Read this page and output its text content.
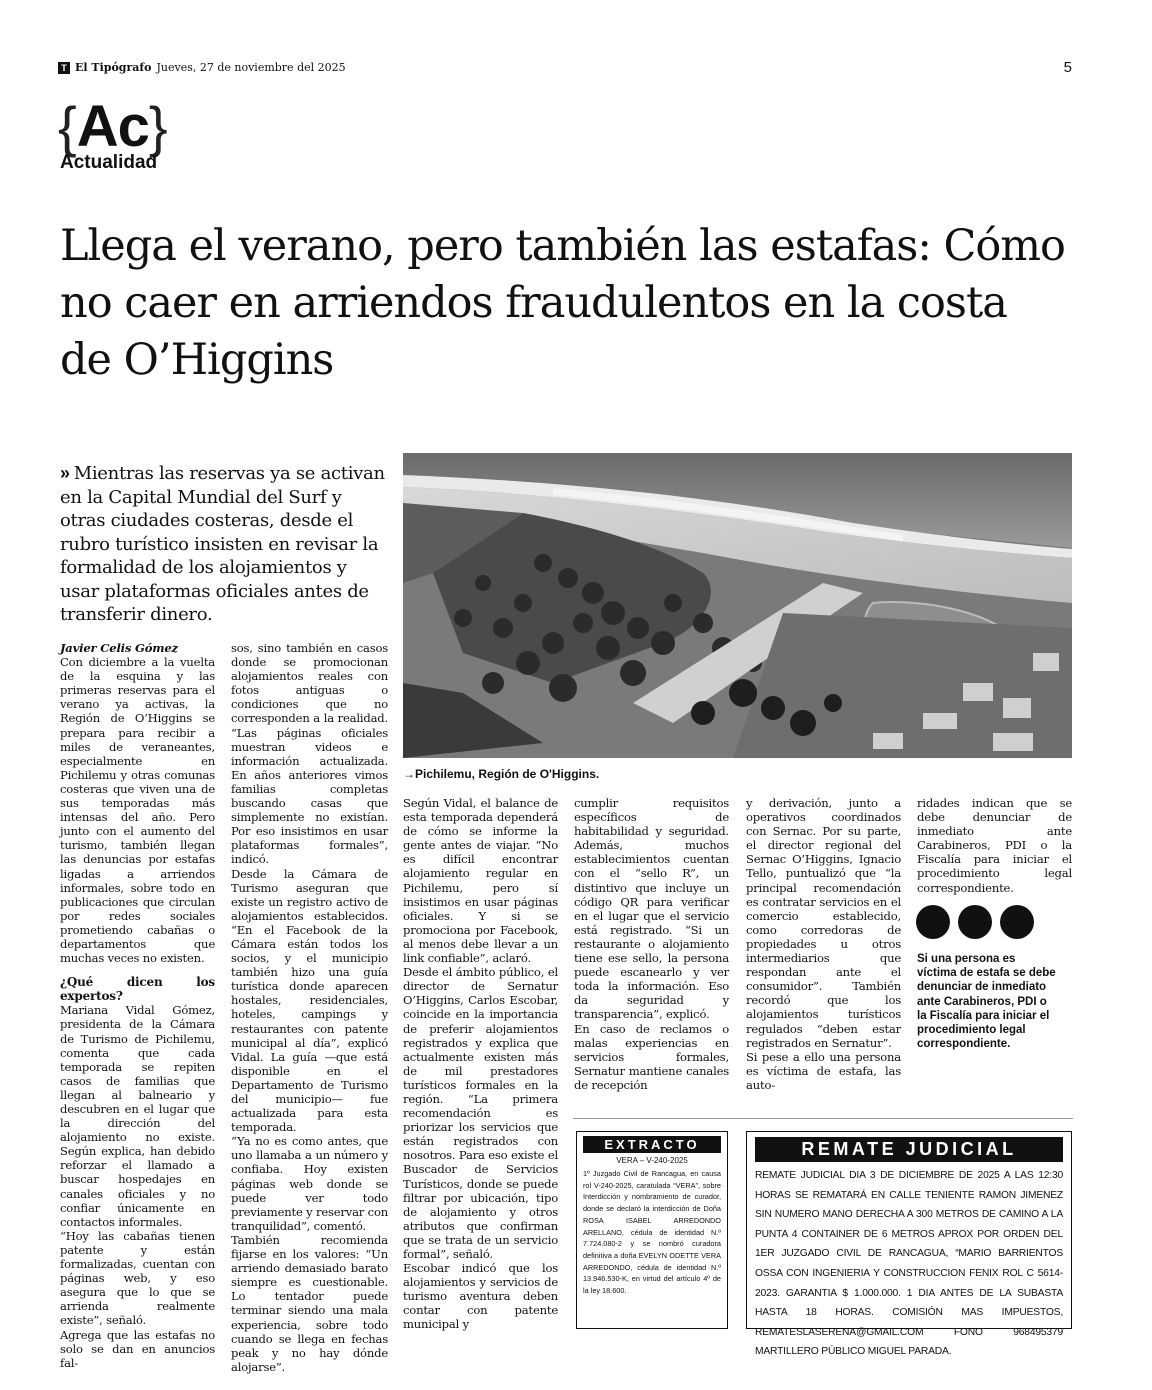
T El Tipógrafo Jueves, 27 de noviembre del 2025	5
{ Ac }
Actualidad
Llega el verano, pero también las estafas: Cómo no caer en arriendos fraudulentos en la costa de O’Higgins
» Mientras las reservas ya se activan en la Capital Mundial del Surf y otras ciudades costeras, desde el rubro turístico insisten en revisar la formalidad de los alojamientos y usar plataformas oficiales antes de transferir dinero.
→Pichilemu, Región de O'Higgins.

Javier Celis Gómez

Con diciembre a la vuelta de la esquina y las primeras reservas para el verano ya activas, la Región de O’Higgins se prepara para recibir a miles de veraneantes, especialmente en Pichilemu y otras comunas costeras que viven una de sus temporadas más intensas del año. Pero junto con el aumento del turismo, también llegan las denuncias por estafas ligadas a arriendos informales, sobre todo en publicaciones que circulan por redes sociales prometiendo cabañas o departamentos que muchas veces no existen.

¿Qué dicen los expertos?

Mariana Vidal Gómez, presidenta de la Cámara de Turismo de Pichilemu, comenta que cada temporada se repiten casos de familias que llegan al balneario y descubren en el lugar que la dirección del alojamiento no existe. Según explica, han debido reforzar el llamado a buscar hospedajes en canales oficiales y no confiar únicamente en contactos informales.

“Hoy las cabañas tienen patente y están formalizadas, cuentan con páginas web, y eso asegura que lo que se arrienda realmente existe”, señaló.

Agrega que las estafas no solo se dan en anuncios fal-

sos, sino también en casos donde se promocionan alojamientos reales con fotos antiguas o condiciones que no corresponden a la realidad. “Las páginas oficiales muestran videos e información actualizada. En años anteriores vimos familias completas buscando casas que simplemente no existían. Por eso insistimos en usar plataformas formales”, indicó.

Desde la Cámara de Turismo aseguran que existe un registro activo de alojamientos establecidos. “En el Facebook de la Cámara están todos los socios, y el municipio también hizo una guía turística donde aparecen hostales, residenciales, hoteles, campings y restaurantes con patente municipal al día”, explicó Vidal. La guía —que está disponible en el Departamento de Turismo del municipio— fue actualizada para esta temporada.

“Ya no es como antes, que uno llamaba a un número y confiaba. Hoy existen páginas web donde se puede ver todo previamente y reservar con tranquilidad”, comentó.

También recomienda fijarse en los valores: “Un arriendo demasiado barato siempre es cuestionable. Lo tentador puede terminar siendo una mala experiencia, sobre todo cuando se llega en fechas peak y no hay dónde alojarse”.

Según Vidal, el balance de esta temporada dependerá de cómo se informe la gente antes de viajar. “No es difícil encontrar alojamiento regular en Pichilemu, pero sí insistimos en usar páginas oficiales. Y si se promociona por Facebook, al menos debe llevar a un link confiable”, aclaró.

Desde el ámbito público, el director de Sernatur O’Higgins, Carlos Escobar, coincide en la importancia de preferir alojamientos registrados y explica que actualmente existen más de mil prestadores turísticos formales en la región. “La primera recomendación es priorizar los servicios que están registrados con nosotros. Para eso existe el Buscador de Servicios Turísticos, donde se puede filtrar por ubicación, tipo de alojamiento y otros atributos que confirman que se trata de un servicio formal”, señaló.

Escobar indicó que los alojamientos y servicios de turismo aventura deben contar con patente municipal y

cumplir requisitos específicos de habitabilidad y seguridad. Además, muchos establecimientos cuentan con el “sello R”, un distintivo que incluye un código QR para verificar en el lugar que el servicio está registrado. “Si un restaurante o alojamiento tiene ese sello, la persona puede escanearlo y ver toda la información. Eso da seguridad y transparencia”, explicó.

En caso de reclamos o malas experiencias en servicios formales, Sernatur mantiene canales de recepción

y derivación, junto a operativos coordinados con Sernac. Por su parte, el director regional del Sernac O’Higgins, Ignacio Tello, puntualizó que “la principal recomendación es contratar servicios en el comercio establecido, como corredoras de propiedades u otros intermediarios que respondan ante el consumidor”. También recordó que los alojamientos turísticos regulados “deben estar registrados en Sernatur”.

Si pese a ello una persona es víctima de estafa, las auto-

ridades indican que se debe denunciar de inmediato ante Carabineros, PDI o la Fiscalía para iniciar el procedimiento legal correspondiente.

Si una persona es víctima de estafa se debe denunciar de inmediato ante Carabineros, PDI o la Fiscalía para iniciar el procedimiento legal correspondiente.
EXTRACTO
VERA – V-240-2025
1º Juzgado Civil de Rancagua, en causa rol V-240-2025, caratulada “VERA”, sobre Interdicción y nombramiento de curador, donde se declaró la interdicción de Doña ROSA ISABEL ARREDONDO ARELLANO, cédula de identidad N.º 7.724.080-2 y se nombró curadora definitiva a doña EVELYN ODETTE VERA ARREDONDO, cédula de identidad N.º 13.946.530-K, en virtud del artículo 4º de la ley 18.600.
REMATE JUDICIAL
REMATE JUDICIAL DIA 3 DE DICIEMBRE DE 2025 A LAS 12:30 HORAS SE REMATARÁ EN CALLE TENIENTE RAMON JIMENEZ SIN NUMERO MANO DERECHA A 300 METROS DE CAMINO A LA PUNTA 4 CONTAINER DE 6 METROS APROX POR ORDEN DEL 1ER JUZGADO CIVIL DE RANCAGUA, “MARIO BARRIENTOS OSSA CON INGENIERIA Y CONSTRUCCION FENIX ROL C 5614-2023. GARANTIA $ 1.000.000. 1 DIA ANTES DE LA SUBASTA HASTA 18 HORAS. COMISIÓN MAS IMPUESTOS, REMATESLASERENA@GMAIL.COM FONO 968495379 MARTILLERO PÚBLICO MIGUEL PARADA.
